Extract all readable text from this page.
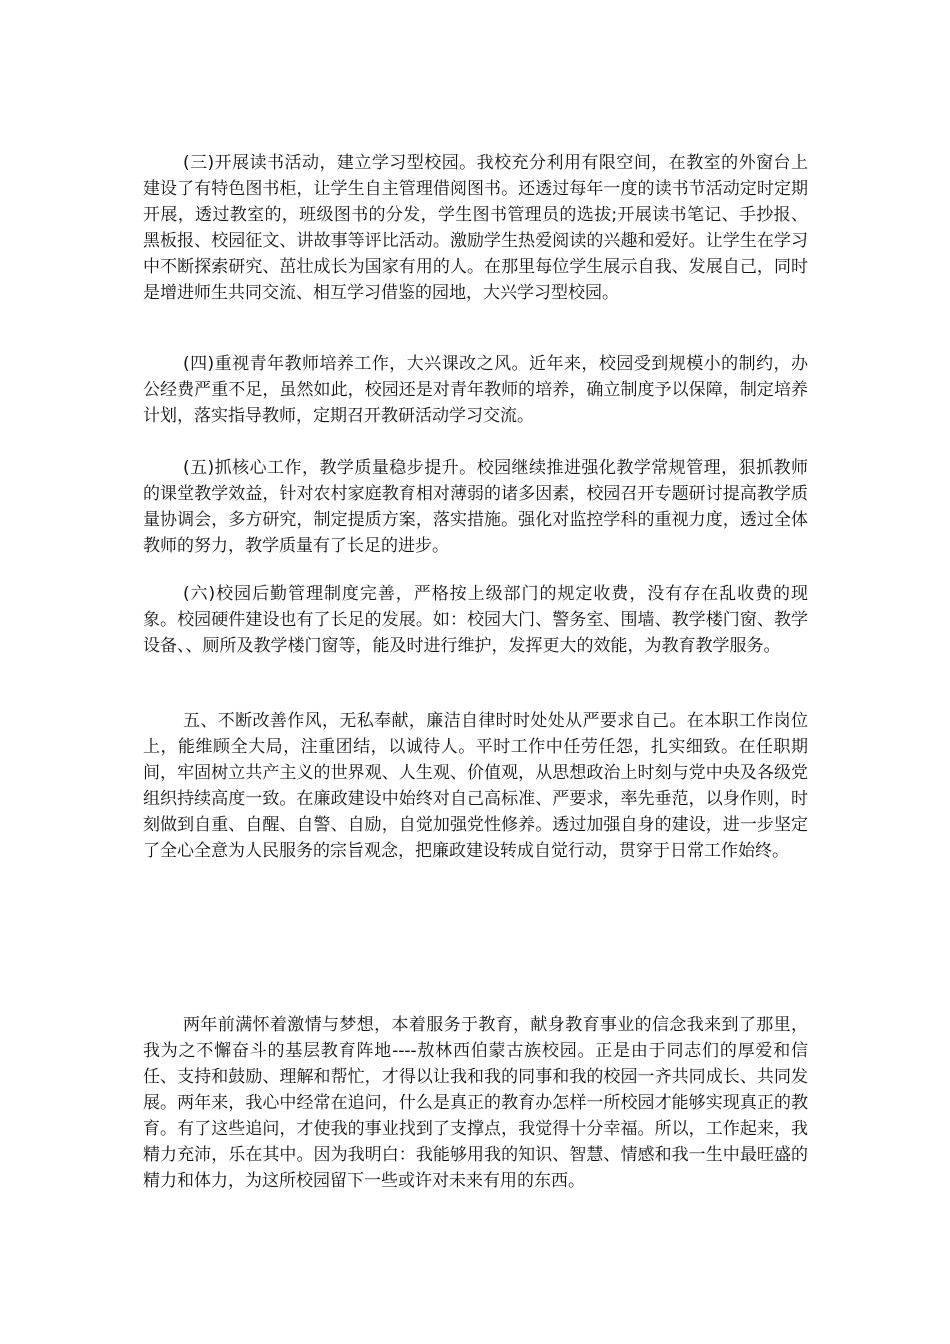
(三)开展读书活动，建立学习型校园。我校充分利用有限空间，在教室的外窗台上建设了有特色图书柜，让学生自主管理借阅图书。还透过每年一度的读书节活动定时定期开展，透过教室的，班级图书的分发，学生图书管理员的选拔;开展读书笔记、手抄报、黑板报、校园征文、讲故事等评比活动。激励学生热爱阅读的兴趣和爱好。让学生在学习中不断探索研究、茁壮成长为国家有用的人。在那里每位学生展示自我、发展自己，同时是增进师生共同交流、相互学习借鉴的园地，大兴学习型校园。

(四)重视青年教师培养工作，大兴课改之风。近年来，校园受到规模小的制约，办公经费严重不足，虽然如此，校园还是对青年教师的培养，确立制度予以保障，制定培养计划，落实指导教师，定期召开教研活动学习交流。

(五)抓核心工作，教学质量稳步提升。校园继续推进强化教学常规管理，狠抓教师的课堂教学效益，针对农村家庭教育相对薄弱的诸多因素，校园召开专题研讨提高教学质量协调会，多方研究，制定提质方案，落实措施。强化对监控学科的重视力度，透过全体教师的努力，教学质量有了长足的进步。

(六)校园后勤管理制度完善，严格按上级部门的规定收费，没有存在乱收费的现象。校园硬件建设也有了长足的发展。如：校园大门、警务室、围墙、教学楼门窗、教学设备、、厕所及教学楼门窗等，能及时进行维护，发挥更大的效能，为教育教学服务。

五、不断改善作风，无私奉献，廉洁自律时时处处从严要求自己。在本职工作岗位上，能维顾全大局，注重团结，以诚待人。平时工作中任劳任怨，扎实细致。在任职期间，牢固树立共产主义的世界观、人生观、价值观，从思想政治上时刻与党中央及各级党组织持续高度一致。在廉政建设中始终对自己高标准、严要求，率先垂范，以身作则，时刻做到自重、自醒、自警、自励，自觉加强党性修养。透过加强自身的建设，进一步坚定了全心全意为人民服务的宗旨观念，把廉政建设转成自觉行动，贯穿于日常工作始终。

两年前满怀着激情与梦想，本着服务于教育，献身教育事业的信念我来到了那里，我为之不懈奋斗的基层教育阵地----敖林西伯蒙古族校园。正是由于同志们的厚爱和信任、支持和鼓励、理解和帮忙，才得以让我和我的同事和我的校园一齐共同成长、共同发展。两年来，我心中经常在追问，什么是真正的教育办怎样一所校园才能够实现真正的教育。有了这些追问，才使我的事业找到了支撑点，我觉得十分幸福。所以，工作起来，我精力充沛，乐在其中。因为我明白：我能够用我的知识、智慧、情感和我一生中最旺盛的精力和体力，为这所校园留下一些或许对未来有用的东西。
